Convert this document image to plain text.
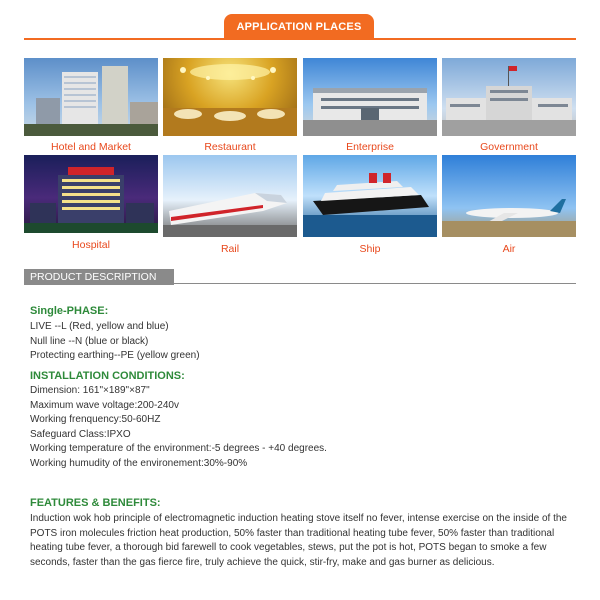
APPLICATION PLACES
Hotel and Market	Restaurant	Enterprise	Government
Hospital	Rail	Ship	Air
PRODUCT DESCRIPTION
Single-PHASE:
LIVE --L (Red, yellow and blue)
Null line --N (blue or black)
Protecting earthing--PE (yellow green)
INSTALLATION CONDITIONS:
Dimension: 161"×189"×87"
Maximum wave voltage:200-240v
Working frenquency:50-60HZ
Safeguard Class:IPXO
Working temperature of the environment:-5 degrees - +40 degrees.
Working humudity of the environement:30%-90%
FEATURES & BENEFITS:
Induction wok hob principle of electromagnetic induction heating stove itself no fever, intense exercise on the inside of the POTS iron molecules friction heat production, 50% faster than traditional heating tube fever, 50% faster than traditional heating tube fever, a thorough bid farewell to cook vegetables, stews, put the pot is hot, POTS began to smoke a few seconds, faster than the gas fierce fire, truly achieve the quick, stir-fry, make and gas burner as delicious.
